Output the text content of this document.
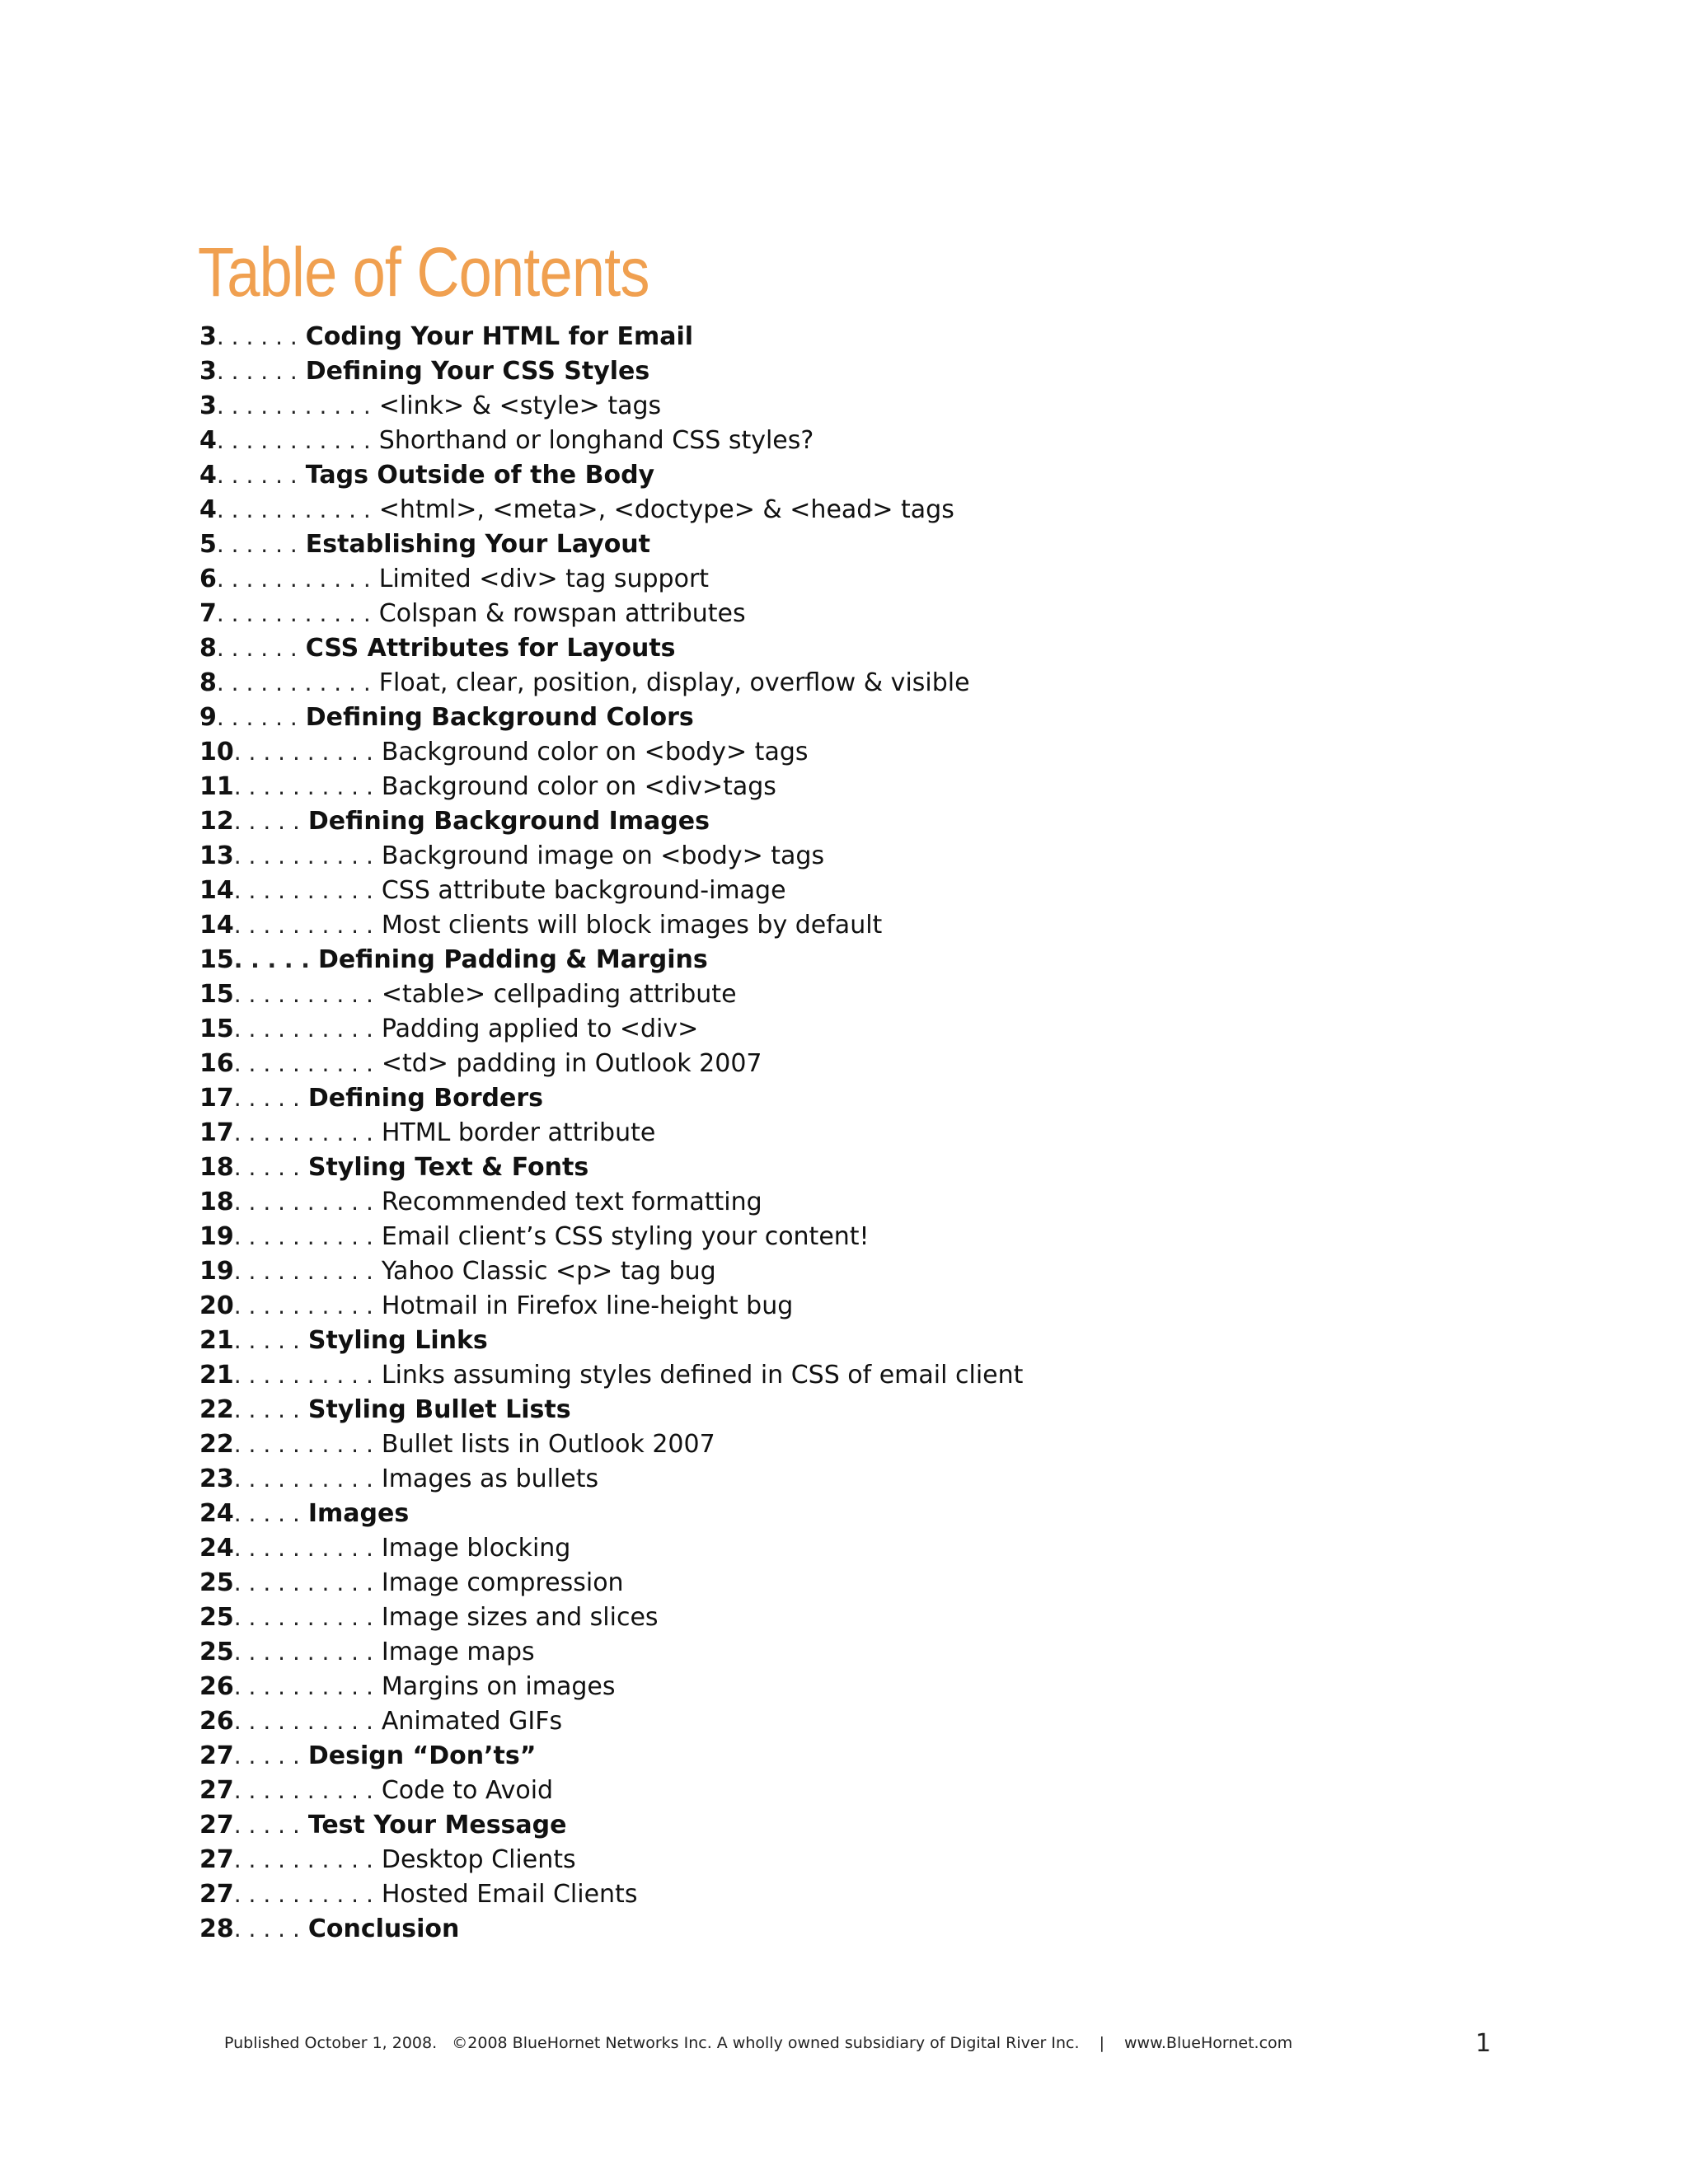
Table of Contents
3 . . . . . . Coding Your HTML for Email
3 . . . . . . Defining Your CSS Styles
3 . . . . . . . . . . . <link> & <style> tags
4 . . . . . . . . . . . Shorthand or longhand CSS styles?
4 . . . . . . Tags Outside of the Body
4 . . . . . . . . . . . <html>, <meta>, <doctype> & <head> tags
5 . . . . . . Establishing Your Layout
6 . . . . . . . . . . . Limited <div> tag support
7 . . . . . . . . . . . Colspan & rowspan attributes
8 . . . . . . CSS Attributes for Layouts
8 . . . . . . . . . . . Float, clear, position, display, overflow & visible
9 . . . . . . Defining Background Colors
10 . . . . . . . . . . Background color on <body> tags
11 . . . . . . . . . . Background color on <div>tags
12 . . . . . Defining Background Images
13 . . . . . . . . . . Background image on <body> tags
14 . . . . . . . . . . CSS attribute background-image
14 . . . . . . . . . . Most clients will block images by default
15 . . . . . Defining Padding & Margins
15 . . . . . . . . . . <table> cellpading attribute
15 . . . . . . . . . . Padding applied to <div>
16 . . . . . . . . . . <td> padding in Outlook 2007
17 . . . . . Defining Borders
17 . . . . . . . . . . HTML border attribute
18 . . . . . Styling Text & Fonts
18 . . . . . . . . . . Recommended text formatting
19 . . . . . . . . . . Email client’s CSS styling your content!
19 . . . . . . . . . . Yahoo Classic <p> tag bug
20 . . . . . . . . . . Hotmail in Firefox line-height bug
21 . . . . . Styling Links
21 . . . . . . . . . . Links assuming styles defined in CSS of email client
22 . . . . . Styling Bullet Lists
22 . . . . . . . . . . Bullet lists in Outlook 2007
23 . . . . . . . . . . Images as bullets
24 . . . . . Images
24 . . . . . . . . . . Image blocking
25 . . . . . . . . . . Image compression
25 . . . . . . . . . . Image sizes and slices
25 . . . . . . . . . . Image maps
26 . . . . . . . . . . Margins on images
26 . . . . . . . . . . Animated GIFs
27 . . . . . Design “Don’ts”
27 . . . . . . . . . . Code to Avoid
27 . . . . . Test Your Message
27 . . . . . . . . . . Desktop Clients
27 . . . . . . . . . . Hosted Email Clients
28 . . . . . Conclusion
Published October 1, 2008. ©2008 BlueHornet Networks Inc. A wholly owned subsidiary of Digital River Inc. | www.BlueHornet.com	1
